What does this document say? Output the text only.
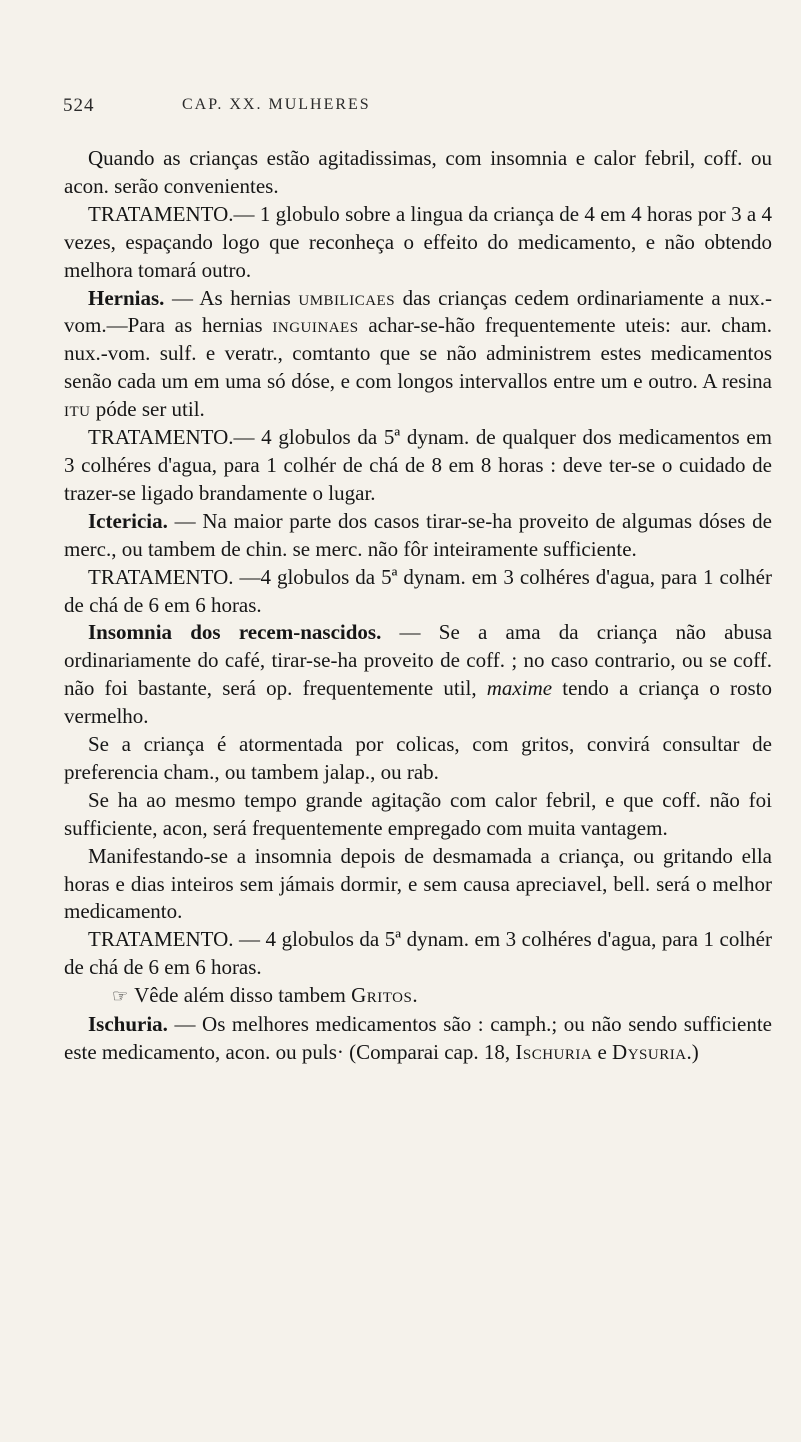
524	CAP. XX. MULHERES

Quando as crianças estão agitadissimas, com insomnia e calor febril, coff. ou acon. serão convenientes.

TRATAMENTO.— 1 globulo sobre a lingua da criança de 4 em 4 horas por 3 a 4 vezes, espaçando logo que reconheça o effeito do medicamento, e não obtendo melhora tomará outro.

Hernias. — As hernias umbilicaes das crianças cedem ordinariamente a nux.-vom.—Para as hernias inguinaes achar-se-hão frequentemente uteis: aur. cham. nux.-vom. sulf. e veratr., comtanto que se não administrem estes medicamentos senão cada um em uma só dóse, e com longos intervallos entre um e outro. A resina itu póde ser util.

TRATAMENTO.— 4 globulos da 5ª dynam. de qualquer dos medicamentos em 3 colhéres d'agua, para 1 colhér de chá de 8 em 8 horas : deve ter-se o cuidado de trazer-se ligado brandamente o lugar.

Ictericia. — Na maior parte dos casos tirar-se-ha proveito de algumas dóses de merc., ou tambem de chin. se merc. não fôr inteiramente sufficiente.

TRATAMENTO. —4 globulos da 5ª dynam. em 3 colhéres d'agua, para 1 colhér de chá de 6 em 6 horas.

Insomnia dos recem-nascidos. — Se a ama da criança não abusa ordinariamente do café, tirar-se-ha proveito de coff. ; no caso contrario, ou se coff. não foi bastante, será op. frequentemente util, maxime tendo a criança o rosto vermelho.

Se a criança é atormentada por colicas, com gritos, convirá consultar de preferencia cham., ou tambem jalap., ou rab.

Se ha ao mesmo tempo grande agitação com calor febril, e que coff. não foi sufficiente, acon, será frequentemente empregado com muita vantagem.

Manifestando-se a insomnia depois de desmamada a criança, ou gritando ella horas e dias inteiros sem jámais dormir, e sem causa apreciavel, bell. será o melhor medicamento.

TRATAMENTO. — 4 globulos da 5ª dynam. em 3 colhéres d'agua, para 1 colhér de chá de 6 em 6 horas.

☞ Vêde além disso tambem Gritos.

Ischuria. — Os melhores medicamentos são : camph.; ou não sendo sufficiente este medicamento, acon. ou puls· (Comparai cap. 18, Ischuria e Dysuria.)
